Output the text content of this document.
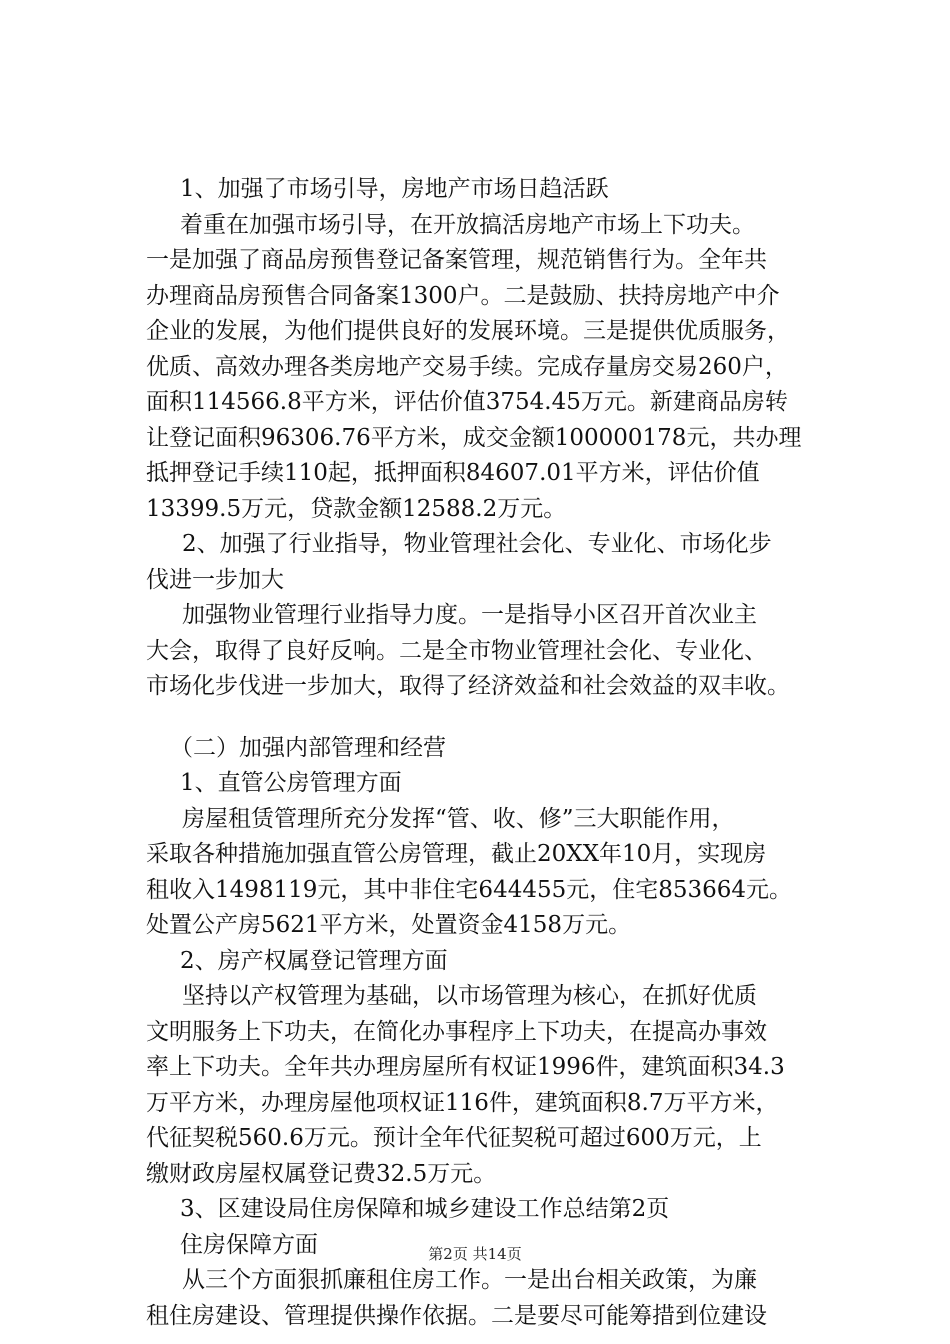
1、加强了市场引导，房地产市场日趋活跃
着重在加强市场引导，在开放搞活房地产市场上下功夫。
一是加强了商品房预售登记备案管理，规范销售行为。全年共
办理商品房预售合同备案1300户。二是鼓励、扶持房地产中介
企业的发展，为他们提供良好的发展环境。三是提供优质服务，
优质、高效办理各类房地产交易手续。完成存量房交易260户，
面积114566.8平方米，评估价值3754.45万元。新建商品房转
让登记面积96306.76平方米，成交金额100000178元，共办理
抵押登记手续110起，抵押面积84607.01平方米，评估价值
13399.5万元，贷款金额12588.2万元。
2、加强了行业指导，物业管理社会化、专业化、市场化步
伐进一步加大
加强物业管理行业指导力度。一是指导小区召开首次业主
大会，取得了良好反响。二是全市物业管理社会化、专业化、
市场化步伐进一步加大，取得了经济效益和社会效益的双丰收。
（二）加强内部管理和经营
1、直管公房管理方面
房屋租赁管理所充分发挥“管、收、修”三大职能作用，
采取各种措施加强直管公房管理，截止20XX年10月，实现房
租收入1498119元，其中非住宅644455元，住宅853664元。
处置公产房5621平方米，处置资金4158万元。
2、房产权属登记管理方面
坚持以产权管理为基础，以市场管理为核心，在抓好优质
文明服务上下功夫，在简化办事程序上下功夫，在提高办事效
率上下功夫。全年共办理房屋所有权证1996件，建筑面积34.3
万平方米，办理房屋他项权证116件，建筑面积8.7万平方米，
代征契税560.6万元。预计全年代征契税可超过600万元，上
缴财政房屋权属登记费32.5万元。
3、区建设局住房保障和城乡建设工作总结第2页
住房保障方面
从三个方面狠抓廉租住房工作。一是出台相关政策，为廉
租住房建设、管理提供操作依据。二是要尽可能筹措到位建设
第2页 共14页
